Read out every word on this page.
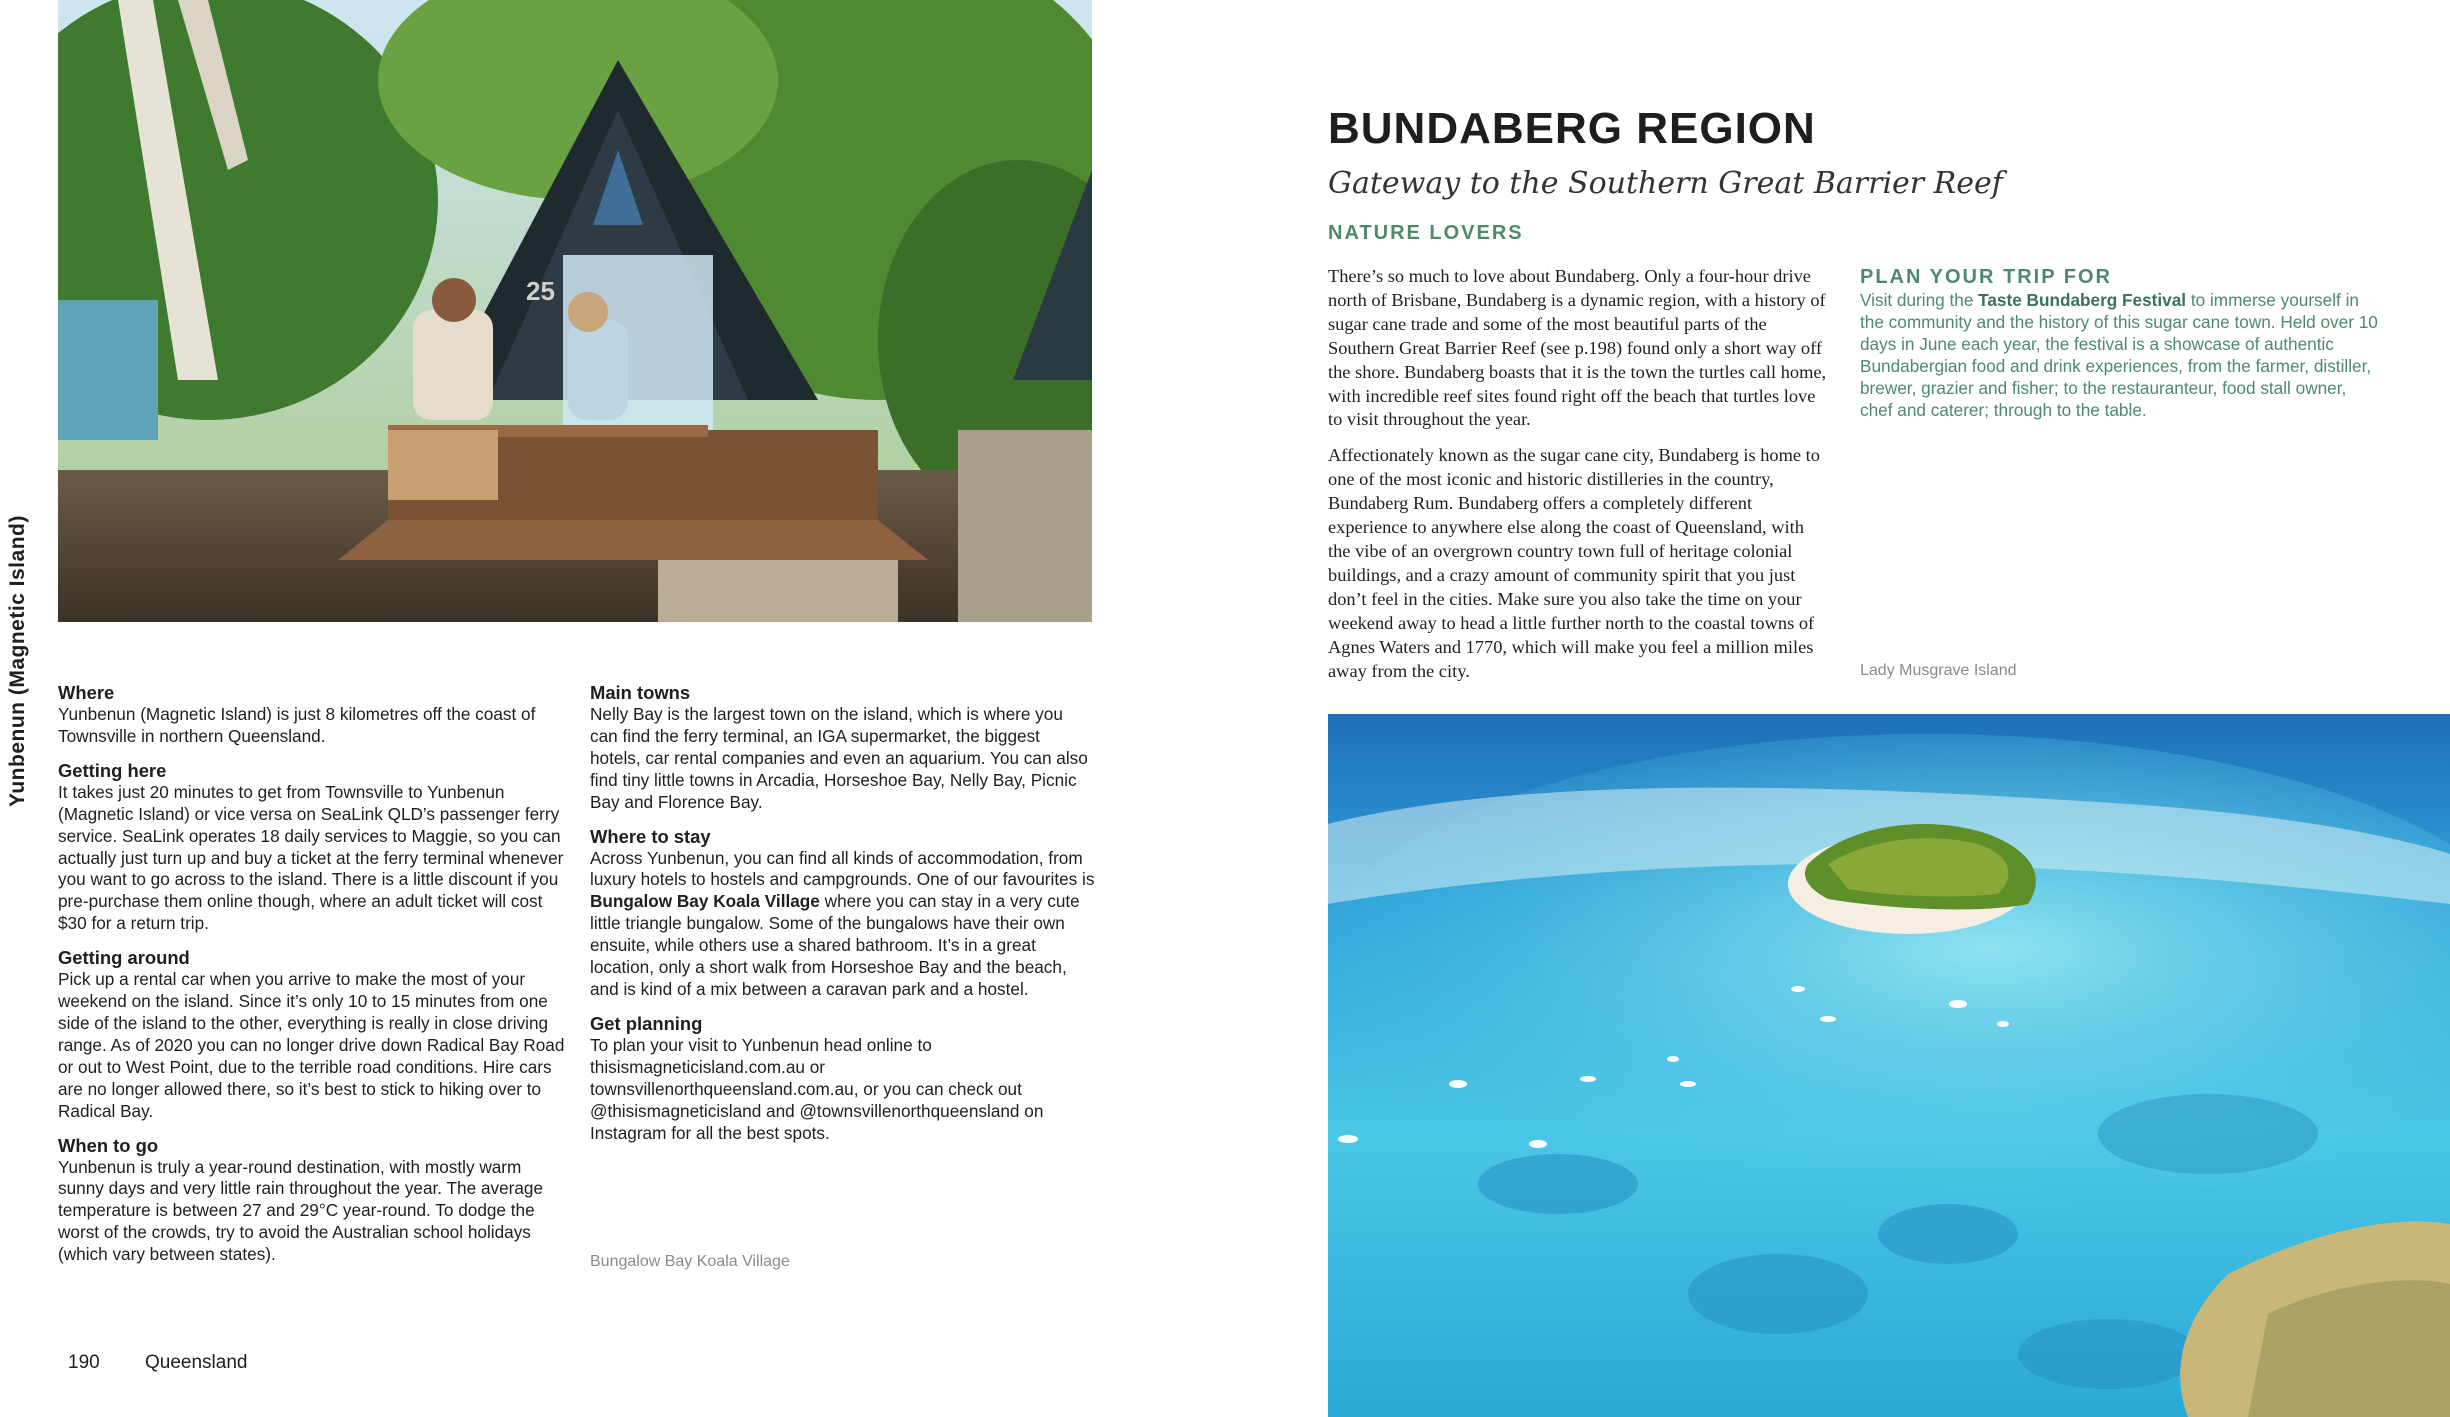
Yunbenun (Magnetic Island)
25
Where

Yunbenun (Magnetic Island) is just 8 kilometres off the coast of Townsville in northern Queensland.

Getting here

It takes just 20 minutes to get from Townsville to Yunbenun (Magnetic Island) or vice versa on SeaLink QLD’s passenger ferry service. SeaLink operates 18 daily services to Maggie, so you can actually just turn up and buy a ticket at the ferry terminal whenever you want to go across to the island. There is a little discount if you pre-purchase them online though, where an adult ticket will cost $30 for a return trip.

Getting around

Pick up a rental car when you arrive to make the most of your weekend on the island. Since it’s only 10 to 15 minutes from one side of the island to the other, everything is really in close driving range. As of 2020 you can no longer drive down Radical Bay Road or out to West Point, due to the terrible road conditions. Hire cars are no longer allowed there, so it’s best to stick to hiking over to Radical Bay.

When to go

Yunbenun is truly a year-round destination, with mostly warm sunny days and very little rain throughout the year. The average temperature is between 27 and 29°C year-round. To dodge the worst of the crowds, try to avoid the Australian school holidays (which vary between states).

Main towns

Nelly Bay is the largest town on the island, which is where you can find the ferry terminal, an IGA supermarket, the biggest hotels, car rental companies and even an aquarium. You can also find tiny little towns in Arcadia, Horseshoe Bay, Nelly Bay, Picnic Bay and Florence Bay.

Where to stay

Across Yunbenun, you can find all kinds of accommodation, from luxury hotels to hostels and campgrounds. One of our favourites is Bungalow Bay Koala Village where you can stay in a very cute little triangle bungalow. Some of the bungalows have their own ensuite, while others use a shared bathroom. It’s in a great location, only a short walk from Horseshoe Bay and the beach, and is kind of a mix between a caravan park and a hostel.

Get planning

To plan your visit to Yunbenun head online to thisismagneticisland.com.au or townsvillenorthqueensland.com.au, or you can check out @thisismagneticisland and @townsvillenorthqueensland on Instagram for all the best spots.

Bungalow Bay Koala Village
190 Queensland
BUNDABERG REGION
Gateway to the Southern Great Barrier Reef
NATURE LOVERS

There’s so much to love about Bundaberg. Only a four-hour drive north of Brisbane, Bundaberg is a dynamic region, with a history of sugar cane trade and some of the most beautiful parts of the Southern Great Barrier Reef (see p.198) found only a short way off the shore. Bundaberg boasts that it is the town the turtles call home, with incredible reef sites found right off the beach that turtles love to visit throughout the year.

Affectionately known as the sugar cane city, Bundaberg is home to one of the most iconic and historic distilleries in the country, Bundaberg Rum. Bundaberg offers a completely different experience to anywhere else along the coast of Queensland, with the vibe of an overgrown country town full of heritage colonial buildings, and a crazy amount of community spirit that you just don’t feel in the cities. Make sure you also take the time on your weekend away to head a little further north to the coastal towns of Agnes Waters and 1770, which will make you feel a million miles away from the city.

PLAN YOUR TRIP FOR

Visit during the Taste Bundaberg Festival to immerse yourself in the community and the history of this sugar cane town. Held over 10 days in June each year, the festival is a showcase of authentic Bundabergian food and drink experiences, from the farmer, distiller, brewer, grazier and fisher; to the restauranteur, food stall owner, chef and caterer; through to the table.

Lady Musgrave Island
